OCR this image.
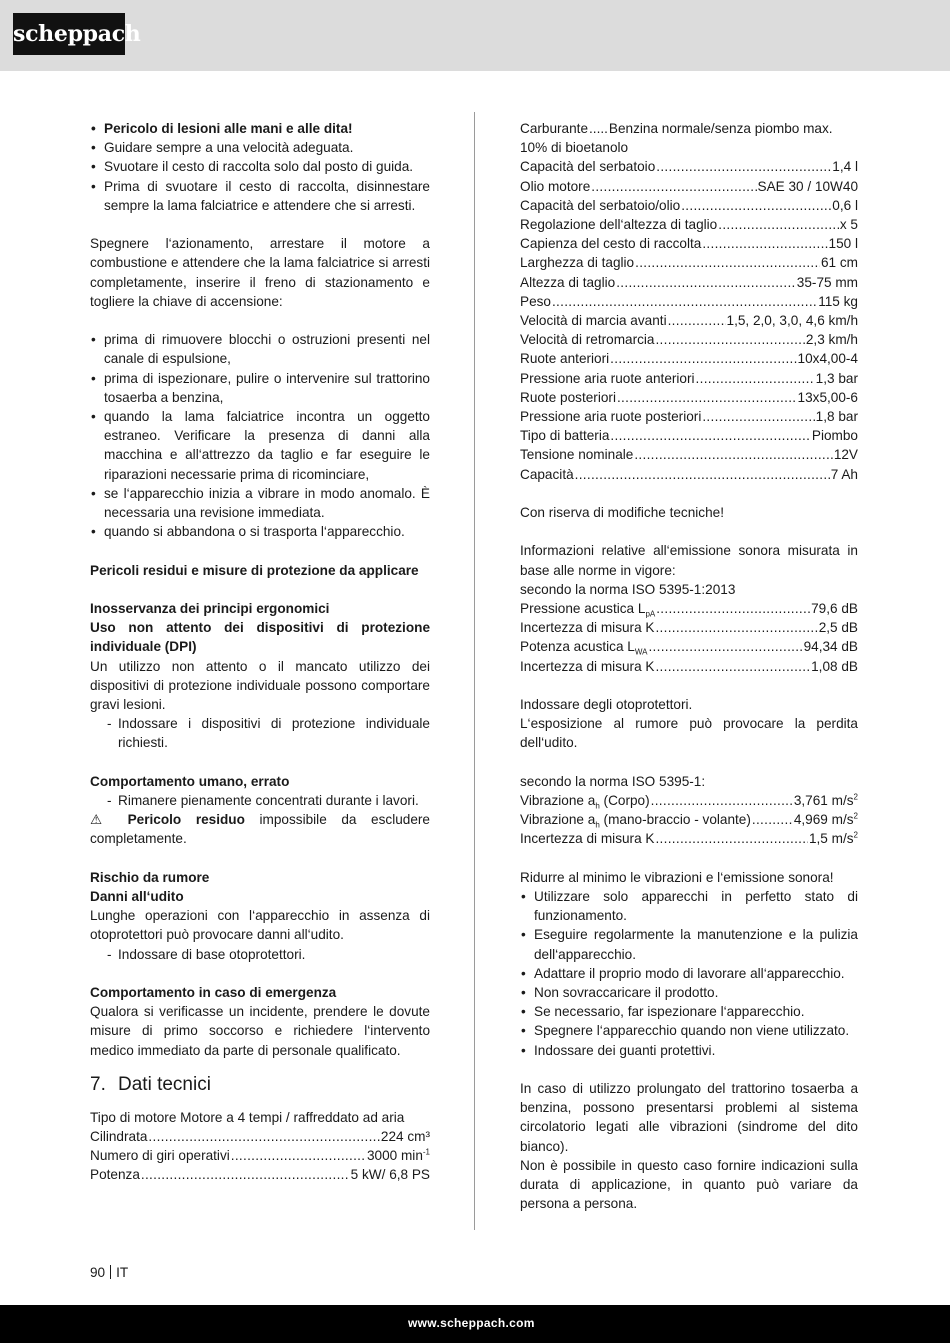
scheppach
• Pericolo di lesioni alle mani e alle dita!
• Guidare sempre a una velocità adeguata.
• Svuotare il cesto di raccolta solo dal posto di guida.
• Prima di svuotare il cesto di raccolta, disinnestare sempre la lama falciatrice e attendere che si arresti.

Spegnere l‘azionamento, arrestare il motore a combustione e attendere che la lama falciatrice si arresti completamente, inserire il freno di stazionamento e togliere la chiave di accensione:

• prima di rimuovere blocchi o ostruzioni presenti nel canale di espulsione,
• prima di ispezionare, pulire o intervenire sul trattorino tosaerba a benzina,
• quando la lama falciatrice incontra un oggetto estraneo. Verificare la presenza di danni alla macchina e all‘attrezzo da taglio e far eseguire le riparazioni necessarie prima di ricominciare,
• se l‘apparecchio inizia a vibrare in modo anomalo. È necessaria una revisione immediata.
• quando si abbandona o si trasporta l‘apparecchio.

Pericoli residui e misure di protezione da applicare

Inosservanza dei principi ergonomici

Uso non attento dei dispositivi di protezione individuale (DPI)

Un utilizzo non attento o il mancato utilizzo dei dispositivi di protezione individuale possono comportare gravi lesioni.

- Indossare i dispositivi di protezione individuale richiesti.

Comportamento umano, errato

- Rimanere pienamente concentrati durante i lavori.

⚠ Pericolo residuo impossibile da escludere completamente.

Rischio da rumore

Danni all‘udito

Lunghe operazioni con l‘apparecchio in assenza di otoprotettori può provocare danni all‘udito.

- Indossare di base otoprotettori.

Comportamento in caso di emergenza

Qualora si verificasse un incidente, prendere le dovute misure di primo soccorso e richiedere l‘intervento medico immediato da parte di personale qualificato.

7. Dati tecnici

Tipo di motore Motore a 4 tempi / raffreddato ad aria

Cilindrata .....	224 cm³
Numero di giri operativi .....	3000 $\min^{-1}$
Potenza .....	5 kW/ 6,8 PS
Carburante ..... Benzina normale/senza piombo max.

10% di bioetanolo

Capacità del serbatoio .....	1,4 l
Olio motore .....	SAE 30 / 10W40
Capacità del serbatoio/olio .....	0,6 l
Regolazione dell‘altezza di taglio .....	x 5
Capienza del cesto di raccolta .....	150 l
Larghezza di taglio .....	61 cm
Altezza di taglio .....	35-75 mm
Peso .....	115 kg
Velocità di marcia avanti .....	1,5, 2,0, 3,0, 4,6 km/h
Velocità di retromarcia .....	2,3 km/h
Ruote anteriori .....	10x4,00-4
Pressione aria ruote anteriori .....	1,3 bar
Ruote posteriori .....	13x5,00-6
Pressione aria ruote posteriori .....	1,8 bar
Tipo di batteria .....	Piombo
Tensione nominale .....	12V
Capacità .....	7 Ah

Con riserva di modifiche tecniche!

Informazioni relative all‘emissione sonora misurata in base alle norme in vigore:

secondo la norma ISO 5395-1:2013

Pressione acustica $L_{pA}$ .....	79,6 dB
Incertezza di misura K .....	2,5 dB
Potenza acustica $L_{WA}$ .....	94,34 dB
Incertezza di misura K .....	1,08 dB

Indossare degli otoprotettori.

L‘esposizione al rumore può provocare la perdita dell‘udito.

secondo la norma ISO 5395-1:

Vibrazione $a_h$ (Corpo) .....	3,761 $m/s^2$
Vibrazione $a_h$ (mano-braccio - volante) .....	4,969 $m/s^2$
Incertezza di misura K .....	1,5 $m/s^2$

Ridurre al minimo le vibrazioni e l‘emissione sonora!

• Utilizzare solo apparecchi in perfetto stato di funzionamento.
• Eseguire regolarmente la manutenzione e la pulizia dell‘apparecchio.
• Adattare il proprio modo di lavorare all‘apparecchio.
• Non sovraccaricare il prodotto.
• Se necessario, far ispezionare l‘apparecchio.
• Spegnere l‘apparecchio quando non viene utilizzato.
• Indossare dei guanti protettivi.

In caso di utilizzo prolungato del trattorino tosaerba a benzina, possono presentarsi problemi al sistema circolatorio legati alle vibrazioni (sindrome del dito bianco).

Non è possibile in questo caso fornire indicazioni sulla durata di applicazione, in quanto può variare da persona a persona.

90 IT
www.scheppach.com
